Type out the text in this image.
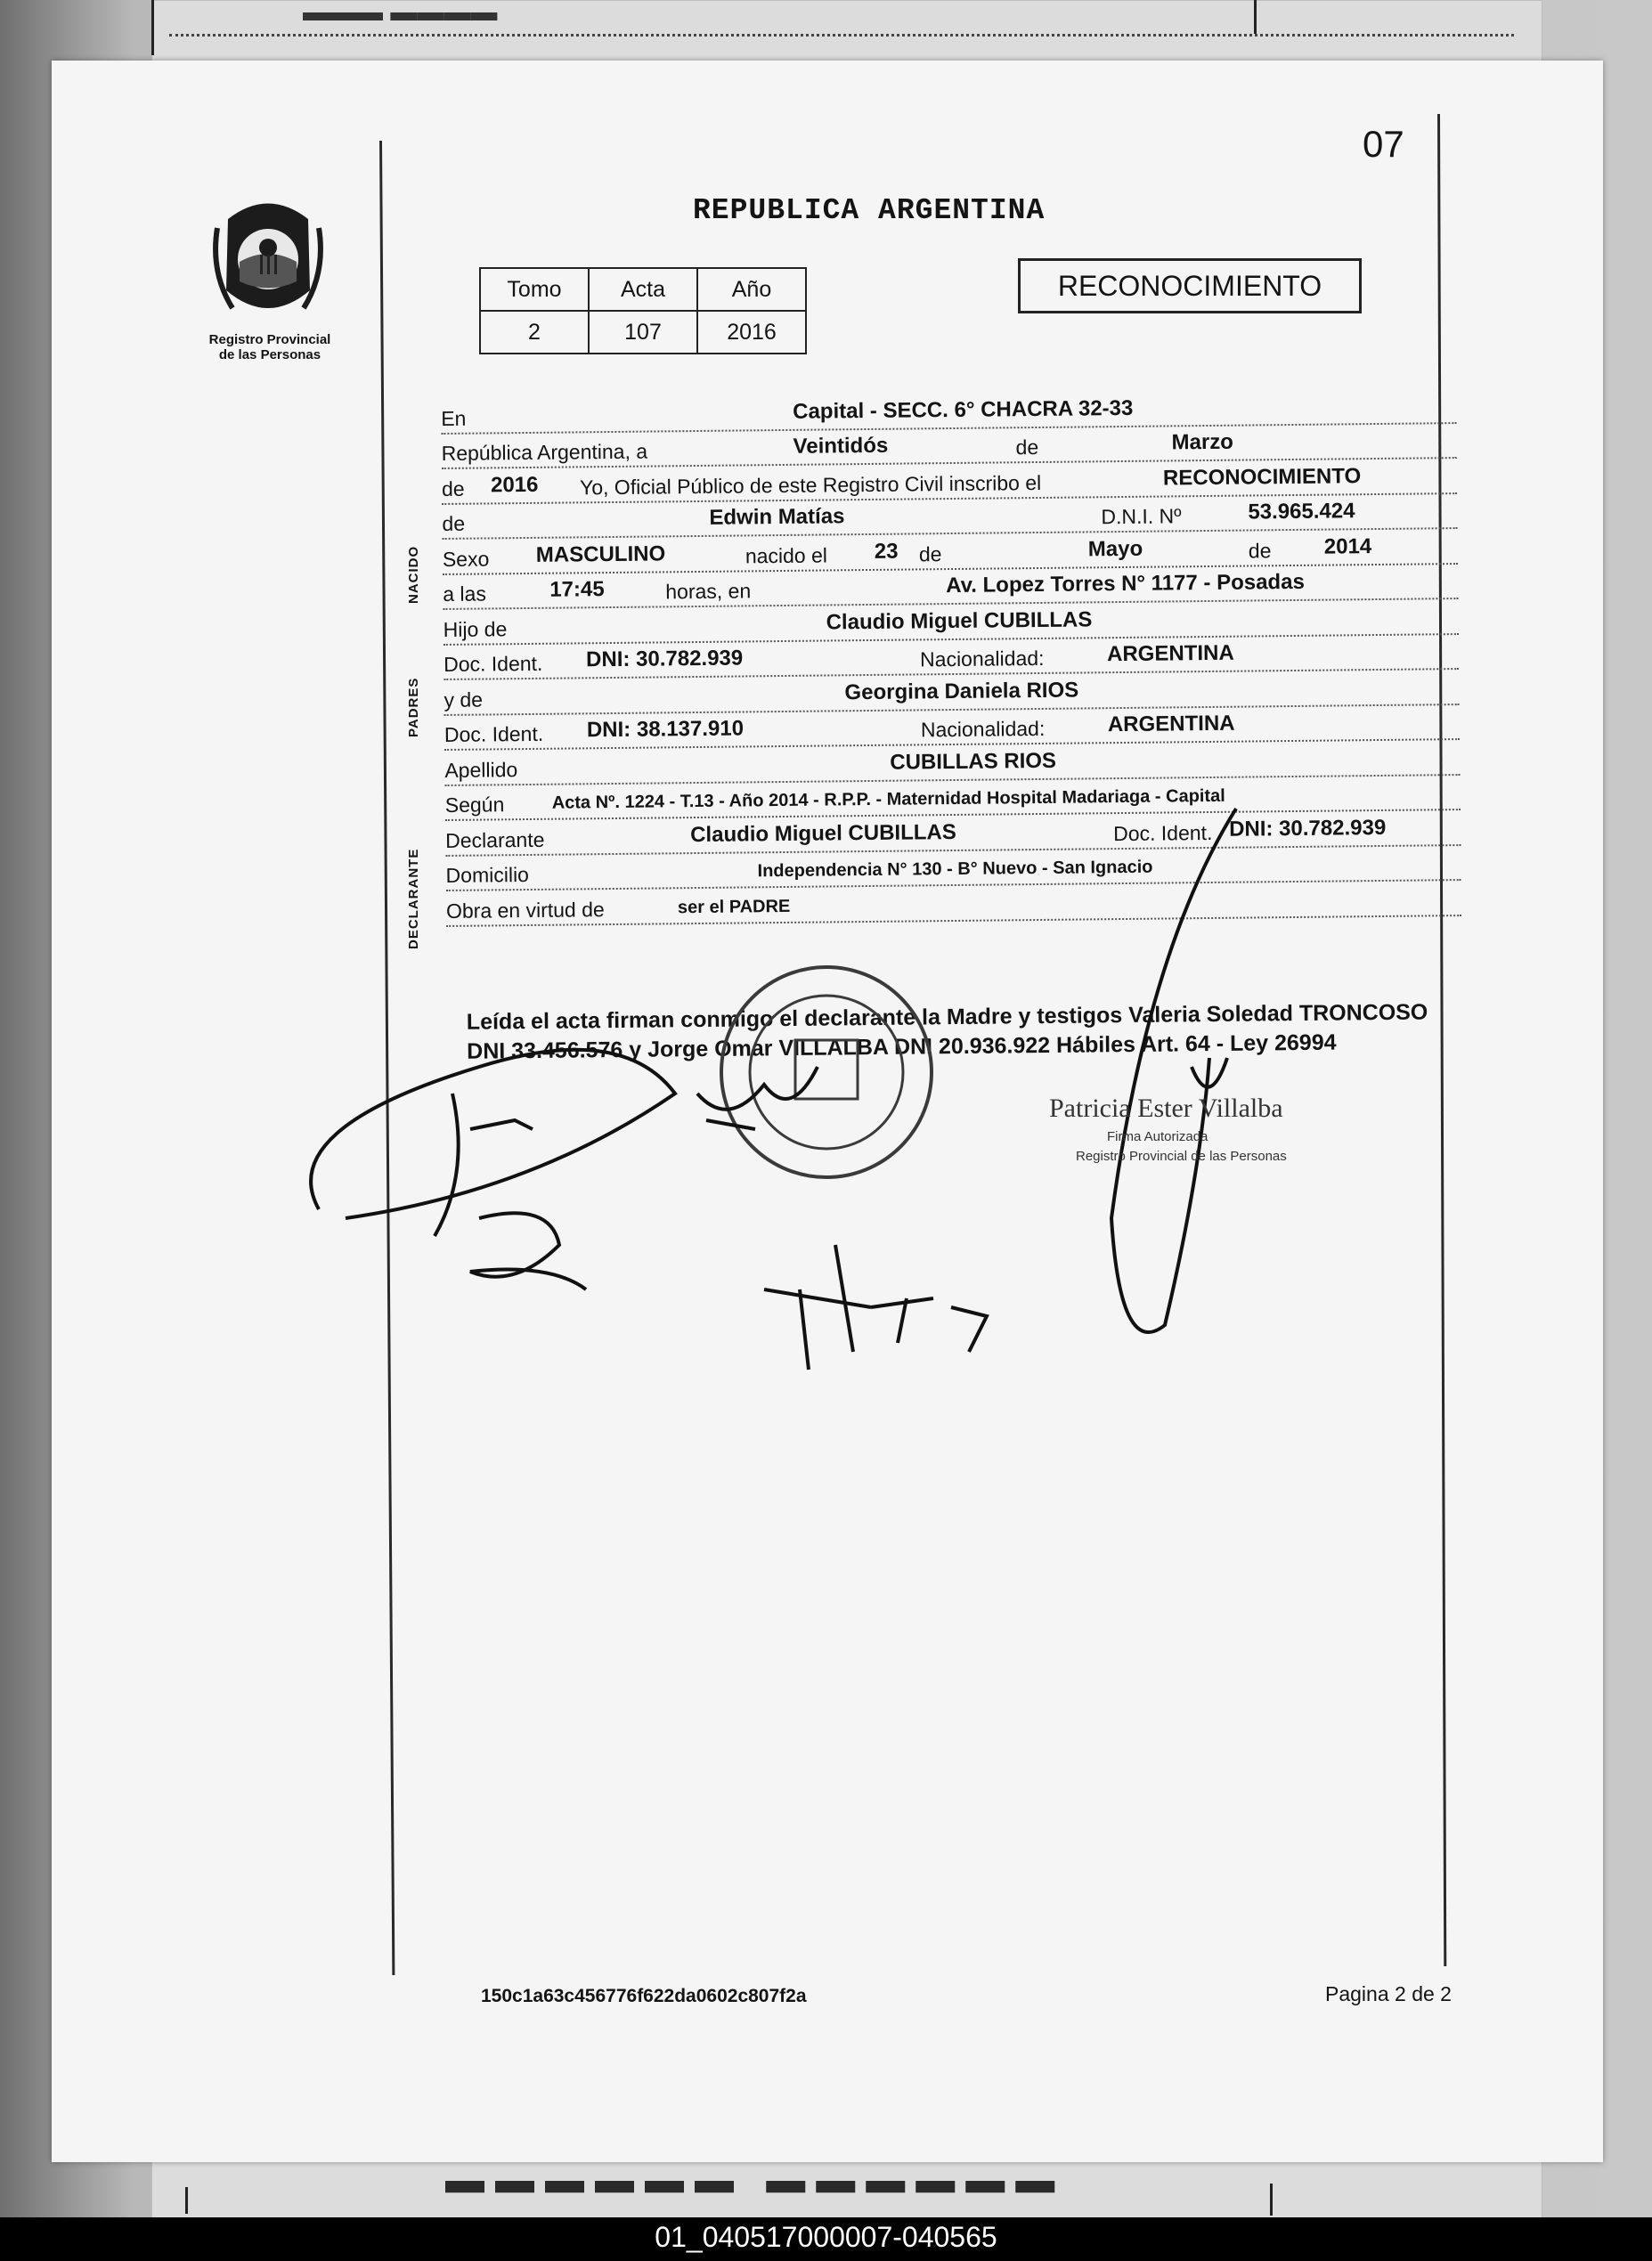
▬▬▬ ▬▬▬▬
▬▬▬▬▬▬ ▬▬▬▬▬▬
07
Registro Provincial
de las Personas
REPUBLICA ARGENTINA
Tomo	Acta	Año
2	107	2016
RECONOCIMIENTO
NACIDO
PADRES
DECLARANTE
En	Capital - SECC. 6° CHACRA 32-33
República Argentina, a	Veintidós	de	Marzo
de 2016 Yo, Oficial Público de este Registro Civil inscribo el	RECONOCIMIENTO
de	Edwin Matías	D.N.I. Nº	53.965.424
Sexo MASCULINO	nacido el 23 de	Mayo	de 2014
a las	17:45	horas, en	Av. Lopez Torres N° 1177 - Posadas
Hijo de	Claudio Miguel CUBILLAS
Doc. Ident. DNI: 30.782.939	Nacionalidad:	ARGENTINA
y de	Georgina Daniela RIOS
Doc. Ident. DNI: 38.137.910	Nacionalidad:	ARGENTINA
Apellido	CUBILLAS RIOS
Según	Acta Nº. 1224 - T.13 - Año 2014 - R.P.P. - Maternidad Hospital Madariaga - Capital
Declarante	Claudio Miguel CUBILLAS	Doc. Ident. DNI: 30.782.939
Domicilio	Independencia N° 130 - B° Nuevo - San Ignacio
Obra en virtud de	ser el PADRE
Leída el acta firman conmigo el declarante la Madre y testigos Valeria Soledad TRONCOSO DNI 33.456.576 y Jorge Omar VILLALBA DNI 20.936.922 Hábiles Art. 64 - Ley 26994
Patricia Ester Villalba
Firma Autorizada
Registro Provincial de las Personas
150c1a63c456776f622da0602c807f2a	Pagina 2 de 2
01_040517000007-040565
